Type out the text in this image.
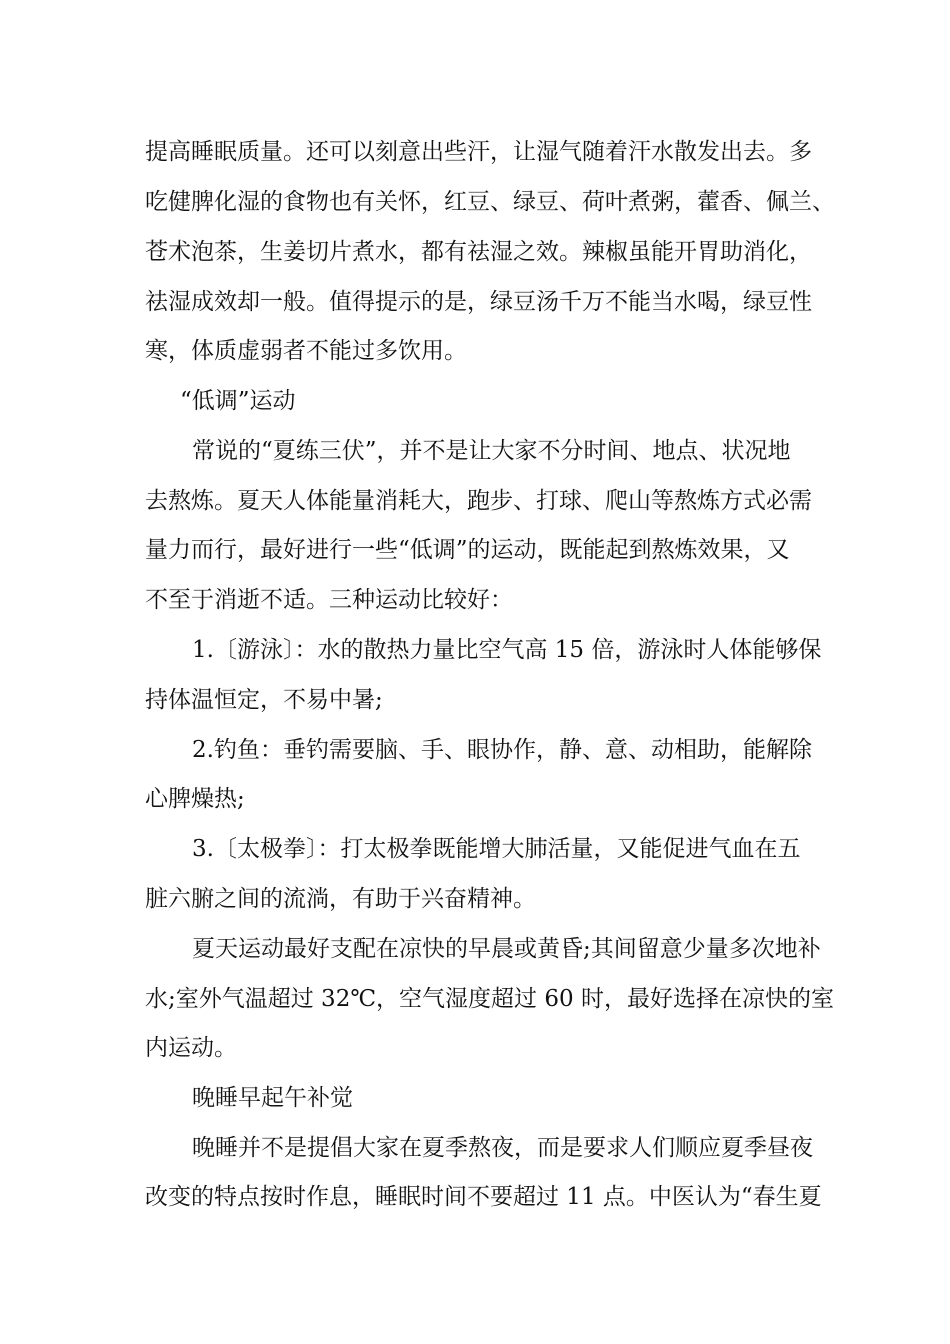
提高睡眠质量。还可以刻意出些汗，让湿气随着汗水散发出去。多
吃健脾化湿的食物也有关怀，红豆、绿豆、荷叶煮粥，藿香、佩兰、
苍术泡茶，生姜切片煮水，都有祛湿之效。辣椒虽能开胃助消化，
祛湿成效却一般。值得提示的是，绿豆汤千万不能当水喝，绿豆性
寒，体质虚弱者不能过多饮用。
“低调”运动
常说的“夏练三伏”，并不是让大家不分时间、地点、状况地
去熬炼。夏天人体能量消耗大，跑步、打球、爬山等熬炼方式必需
量力而行，最好进行一些“低调”的运动，既能起到熬炼效果，又
不至于消逝不适。三种运动比较好：
1.〔游泳〕：水的散热力量比空气高 15 倍，游泳时人体能够保
持体温恒定，不易中暑;
2.钓鱼：垂钓需要脑、手、眼协作，静、意、动相助，能解除
心脾燥热;
3.〔太极拳〕：打太极拳既能增大肺活量，又能促进气血在五
脏六腑之间的流淌，有助于兴奋精神。
夏天运动最好支配在凉快的早晨或黄昏;其间留意少量多次地补
水;室外气温超过 32℃，空气湿度超过 60 时，最好选择在凉快的室
内运动。
晚睡早起午补觉
晚睡并不是提倡大家在夏季熬夜，而是要求人们顺应夏季昼夜
改变的特点按时作息，睡眠时间不要超过 11 点。中医认为“春生夏
